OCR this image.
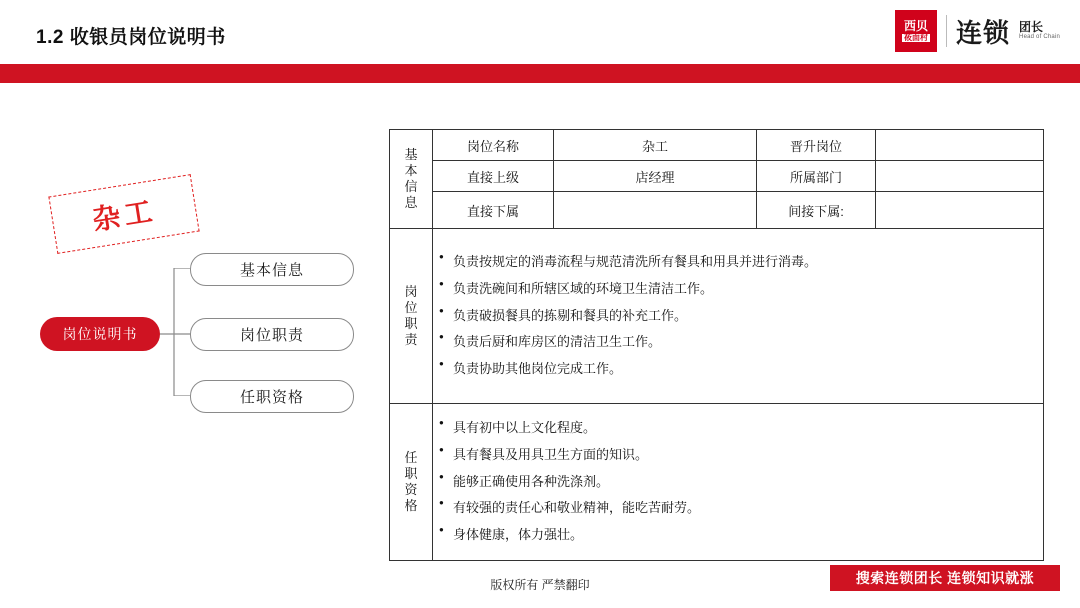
1.2 收银员岗位说明书
西贝
莜面村 连锁 团长
Head of Chain
杂工
岗位说明书
基本信息
岗位职责
任职资格
基
本
信
息	岗位名称	杂工	晋升岗位	
	直接上级	店经理	所属部门	
	直接下属		间接下属:	

岗
位
职
责

● 负责按规定的消毒流程与规范清洗所有餐具和用具并进行消毒。
● 负责洗碗间和所辖区域的环境卫生清洁工作。
● 负责破损餐具的拣剔和餐具的补充工作。
● 负责后厨和库房区的清洁卫生工作。
● 负责协助其他岗位完成工作。

任
职
资
格

● 具有初中以上文化程度。
● 具有餐具及用具卫生方面的知识。
● 能够正确使用各种洗涤剂。
● 有较强的责任心和敬业精神，能吃苦耐劳。
● 身体健康，体力强壮。
版权所有 严禁翻印	搜索连锁团长 连锁知识就涨
